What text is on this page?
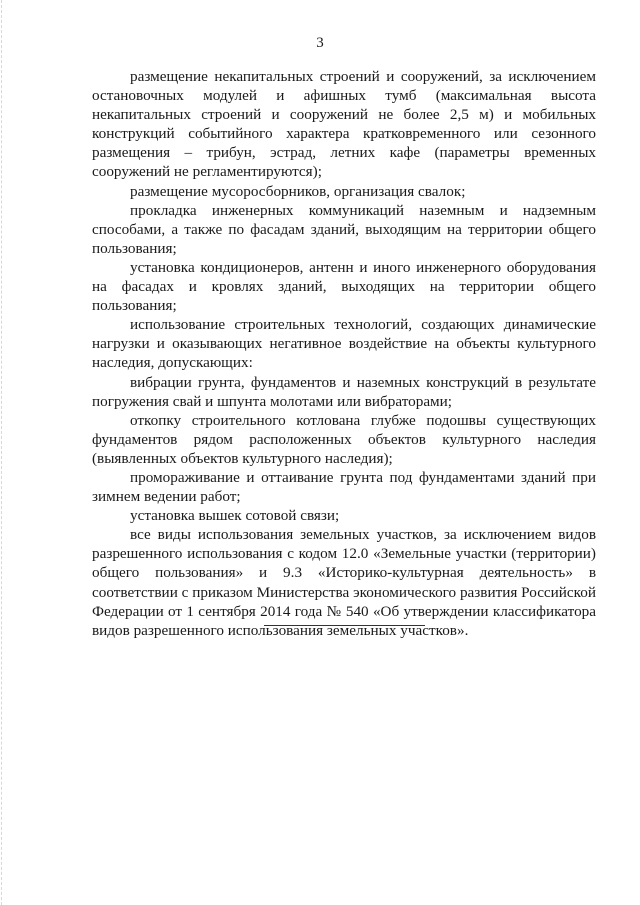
3

размещение некапитальных строений и сооружений, за исключением остановочных модулей и афишных тумб (максимальная высота некапитальных строений и сооружений не более 2,5 м) и мобильных конструкций событийного характера кратковременного или сезонного размещения – трибун, эстрад, летних кафе (параметры временных сооружений не регламентируются);

размещение мусоросборников, организация свалок;

прокладка инженерных коммуникаций наземным и надземным способами, а также по фасадам зданий, выходящим на территории общего пользования;

установка кондиционеров, антенн и иного инженерного оборудования на фасадах и кровлях зданий, выходящих на территории общего пользования;

использование строительных технологий, создающих динамические нагрузки и оказывающих негативное воздействие на объекты культурного наследия, допускающих:

вибрации грунта, фундаментов и наземных конструкций в результате погружения свай и шпунта молотами или вибраторами;

откопку строительного котлована глубже подошвы существующих фундаментов рядом расположенных объектов культурного наследия (выявленных объектов культурного наследия);

промораживание и оттаивание грунта под фундаментами зданий при зимнем ведении работ;

установка вышек сотовой связи;

все виды использования земельных участков, за исключением видов разрешенного использования с кодом 12.0 «Земельные участки (территории) общего пользования» и 9.3 «Историко-культурная деятельность» в соответствии с приказом Министерства экономического развития Российской Федерации от 1 сентября 2014 года № 540 «Об утверждении классификатора видов разрешенного использования земельных участков».
